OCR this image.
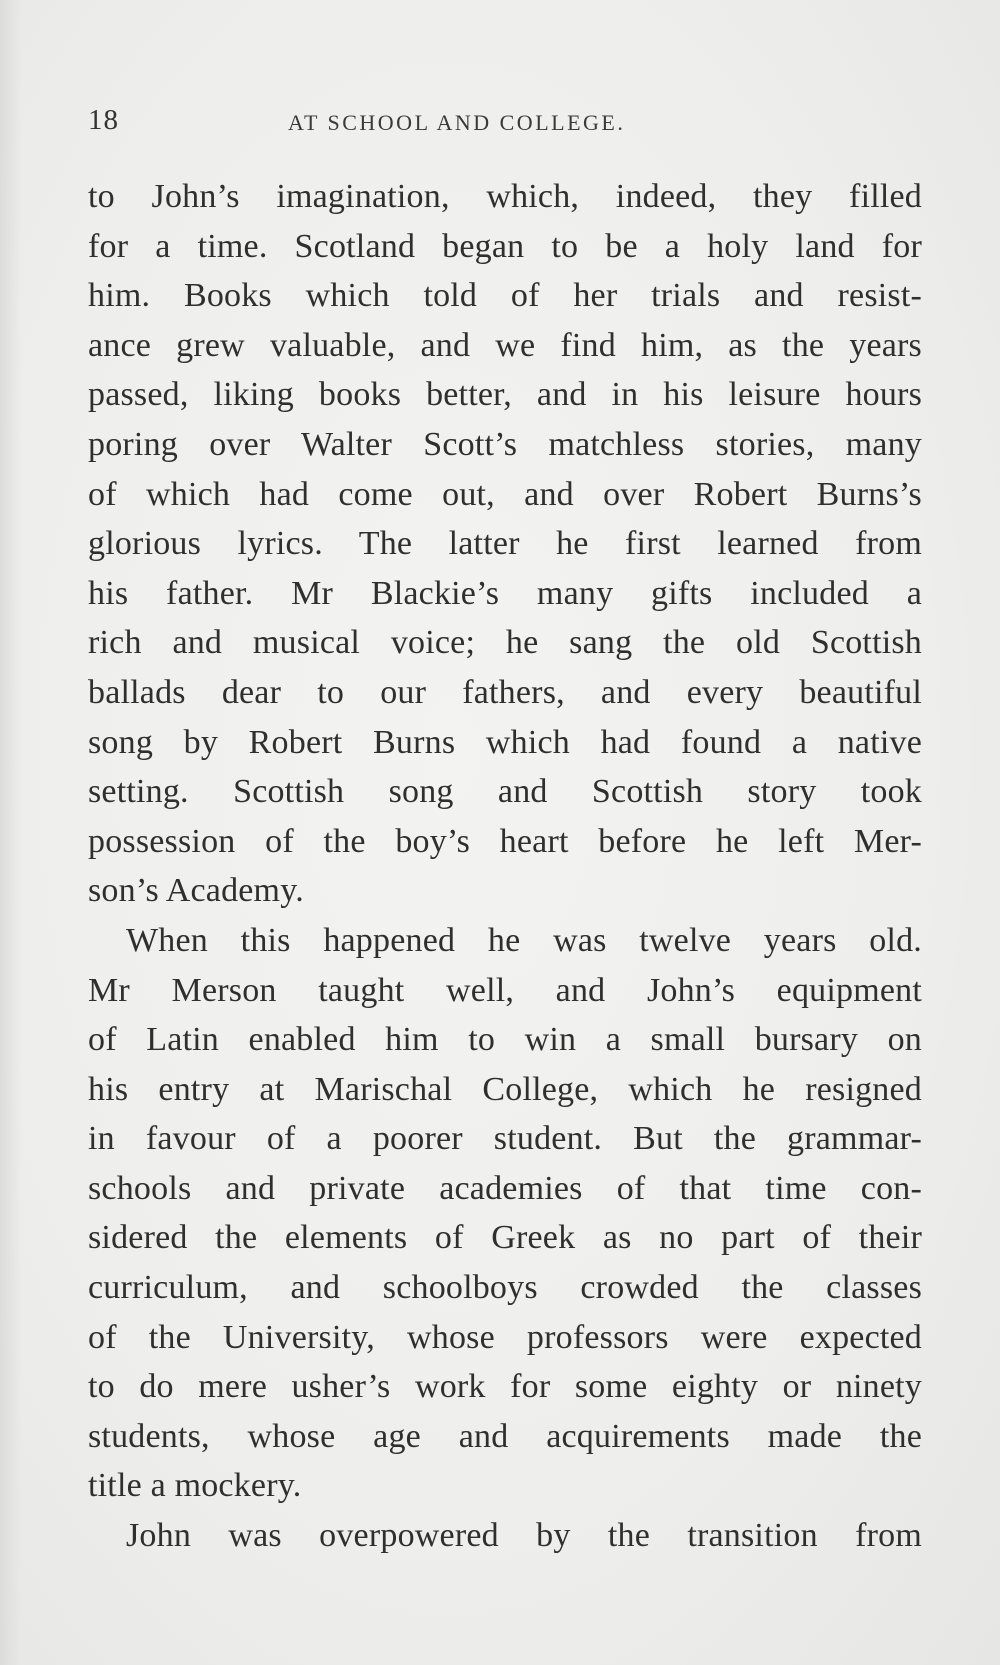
18	AT SCHOOL AND COLLEGE.
to John’s imagination, which, indeed, they filled
for a time. Scotland began to be a holy land for
him. Books which told of her trials and resist-
ance grew valuable, and we find him, as the years
passed, liking books better, and in his leisure hours
poring over Walter Scott’s matchless stories, many
of which had come out, and over Robert Burns’s
glorious lyrics. The latter he first learned from
his father. Mr Blackie’s many gifts included a
rich and musical voice; he sang the old Scottish
ballads dear to our fathers, and every beautiful
song by Robert Burns which had found a native
setting. Scottish song and Scottish story took
possession of the boy’s heart before he left Mer-
son’s Academy.
When this happened he was twelve years old.
Mr Merson taught well, and John’s equipment
of Latin enabled him to win a small bursary on
his entry at Marischal College, which he resigned
in favour of a poorer student. But the grammar-
schools and private academies of that time con-
sidered the elements of Greek as no part of their
curriculum, and schoolboys crowded the classes
of the University, whose professors were expected
to do mere usher’s work for some eighty or ninety
students, whose age and acquirements made the
title a mockery.
John was overpowered by the transition from
